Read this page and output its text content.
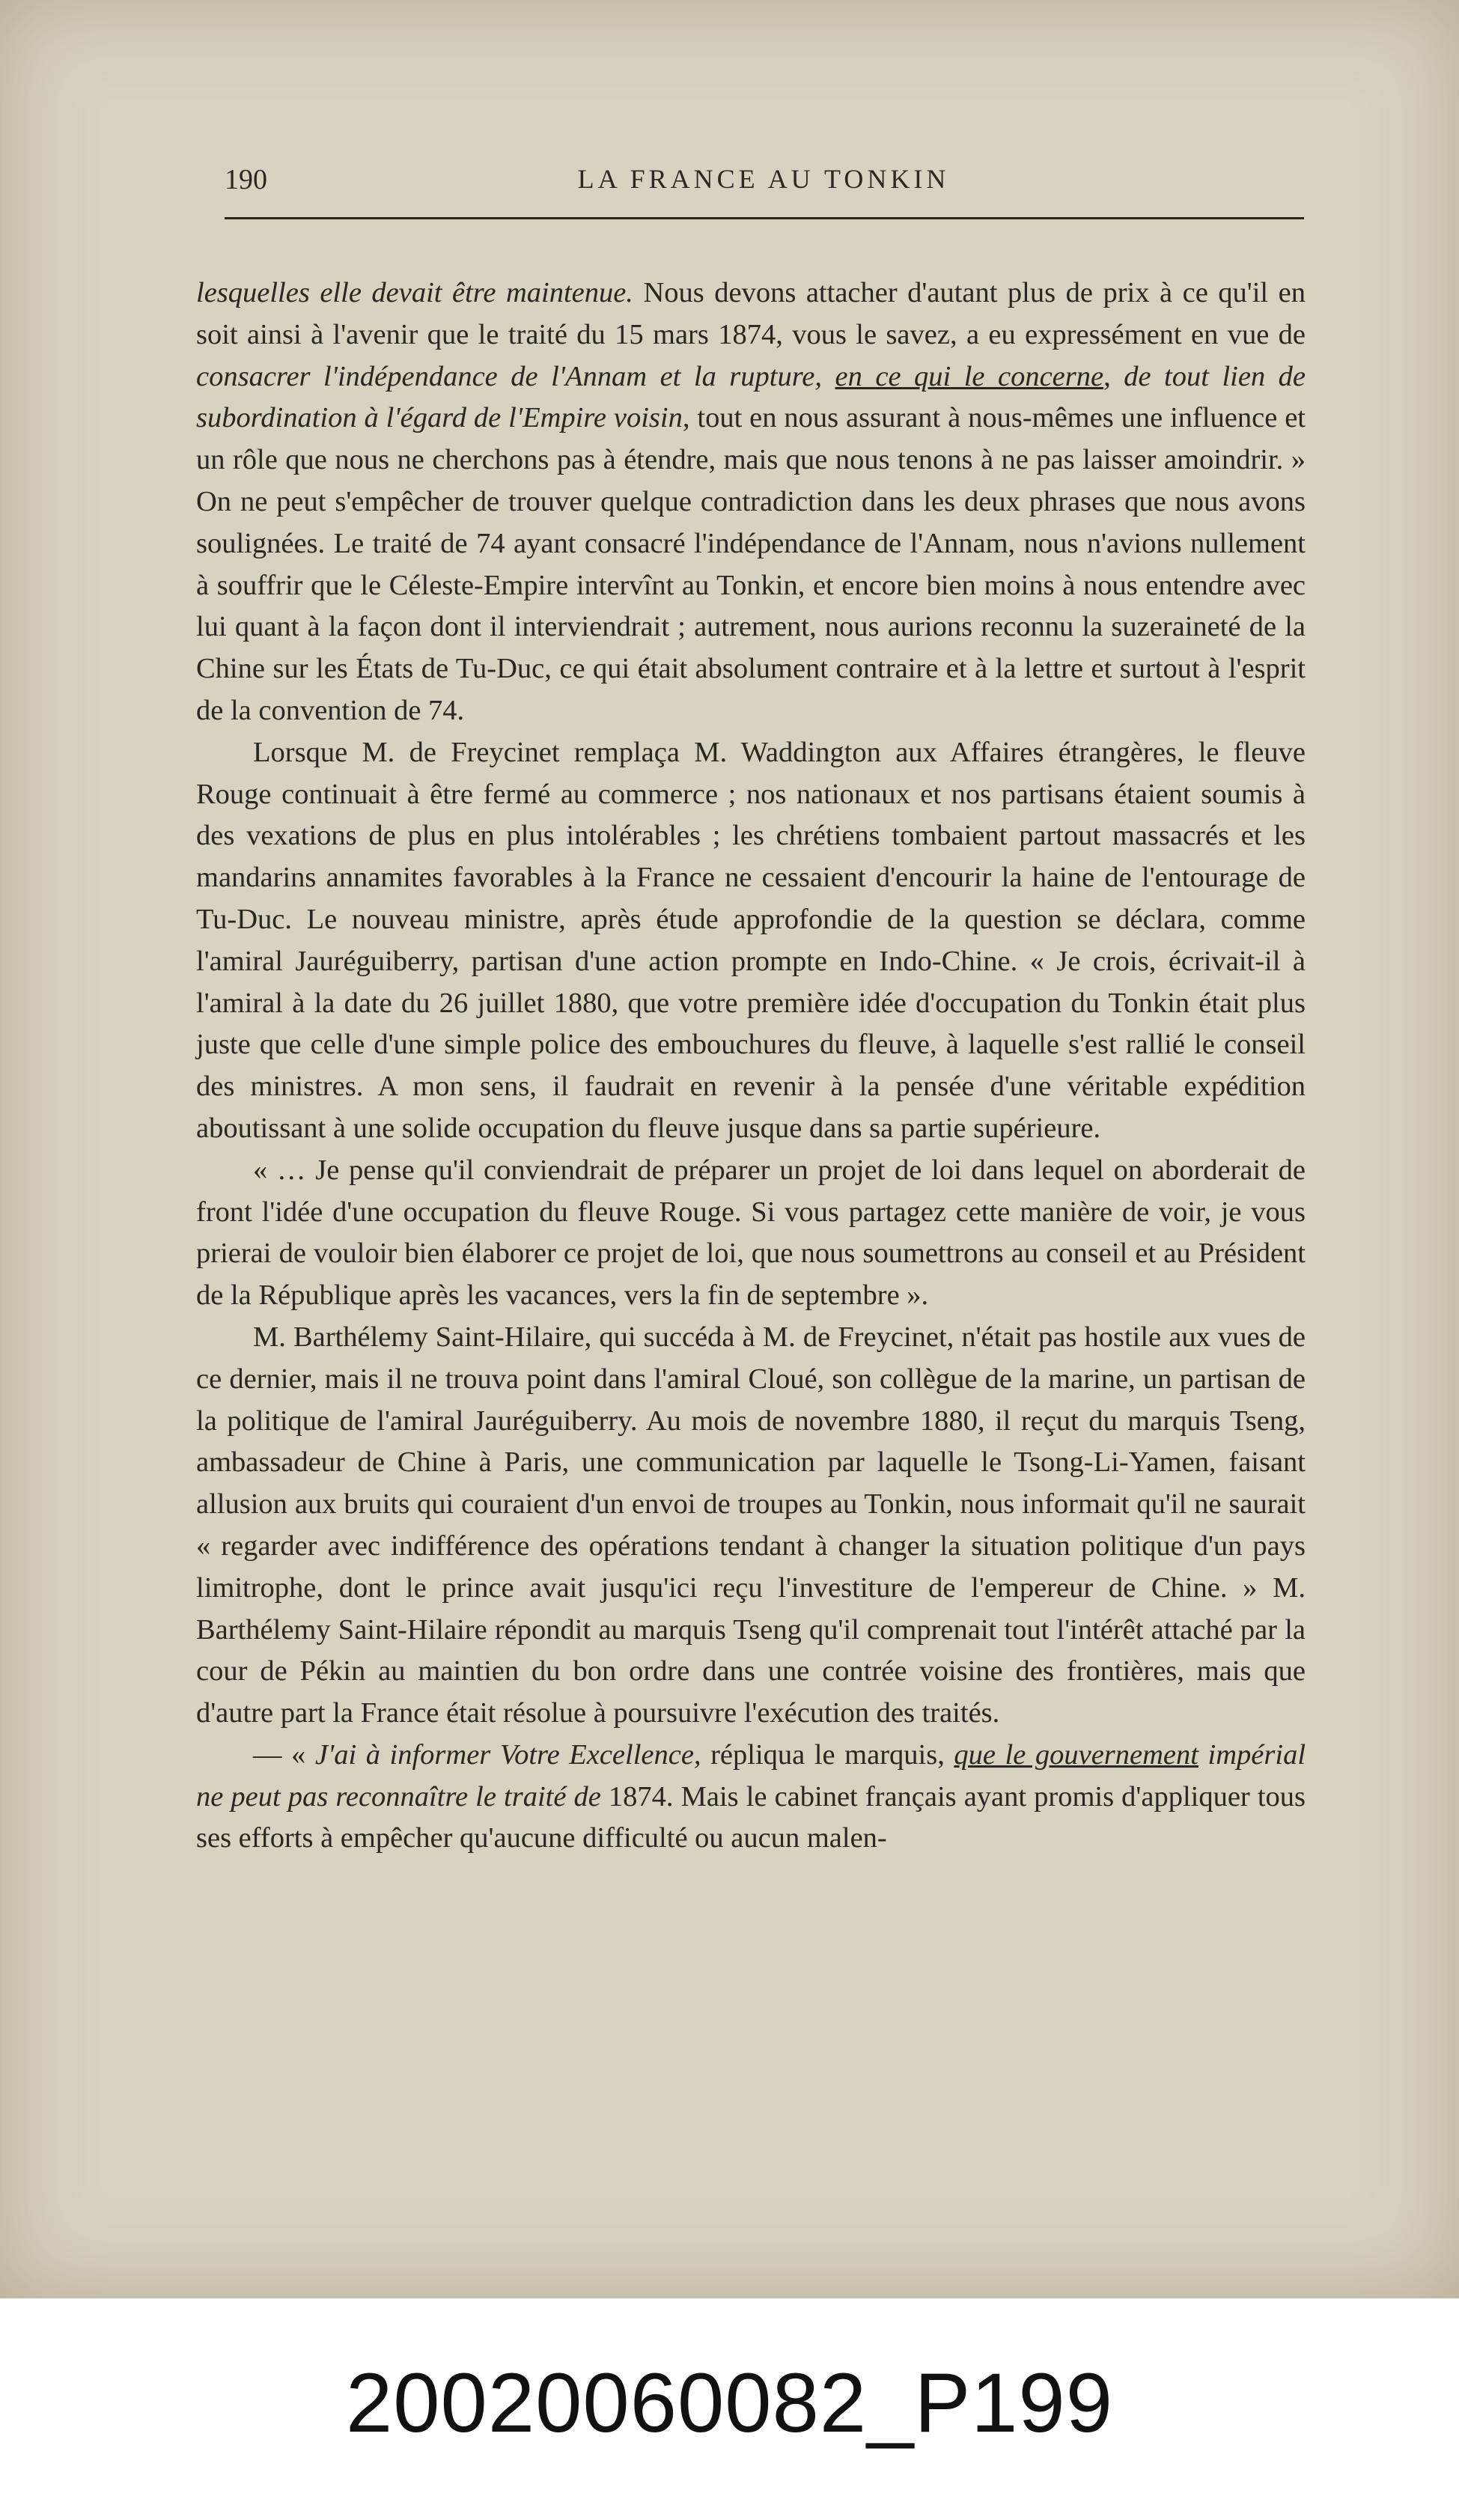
190	LA FRANCE AU TONKIN

lesquelles elle devait être maintenue. Nous devons attacher d'autant plus de prix à ce qu'il en soit ainsi à l'avenir que le traité du 15 mars 1874, vous le savez, a eu expressément en vue de consacrer l'indépendance de l'Annam et la rupture, en ce qui le concerne, de tout lien de subordination à l'égard de l'Empire voisin, tout en nous assurant à nous-mêmes une influence et un rôle que nous ne cherchons pas à étendre, mais que nous tenons à ne pas laisser amoindrir. » On ne peut s'empêcher de trouver quelque contradiction dans les deux phrases que nous avons soulignées. Le traité de 74 ayant consacré l'indépendance de l'Annam, nous n'avions nullement à souffrir que le Céleste-Empire intervînt au Tonkin, et encore bien moins à nous entendre avec lui quant à la façon dont il interviendrait ; autrement, nous aurions reconnu la suzeraineté de la Chine sur les États de Tu-Duc, ce qui était absolument contraire et à la lettre et surtout à l'esprit de la convention de 74.

Lorsque M. de Freycinet remplaça M. Waddington aux Affaires étrangères, le fleuve Rouge continuait à être fermé au commerce ; nos nationaux et nos partisans étaient soumis à des vexations de plus en plus intolérables ; les chrétiens tombaient partout massacrés et les mandarins annamites favorables à la France ne cessaient d'encourir la haine de l'entourage de Tu-Duc. Le nouveau ministre, après étude approfondie de la question se déclara, comme l'amiral Jauréguiberry, partisan d'une action prompte en Indo-Chine. « Je crois, écrivait-il à l'amiral à la date du 26 juillet 1880, que votre première idée d'occupation du Tonkin était plus juste que celle d'une simple police des embouchures du fleuve, à laquelle s'est rallié le conseil des ministres. A mon sens, il faudrait en revenir à la pensée d'une véritable expédition aboutissant à une solide occupation du fleuve jusque dans sa partie supérieure.

« … Je pense qu'il conviendrait de préparer un projet de loi dans lequel on aborderait de front l'idée d'une occupation du fleuve Rouge. Si vous partagez cette manière de voir, je vous prierai de vouloir bien élaborer ce projet de loi, que nous soumettrons au conseil et au Président de la République après les vacances, vers la fin de septembre ».

M. Barthélemy Saint-Hilaire, qui succéda à M. de Freycinet, n'était pas hostile aux vues de ce dernier, mais il ne trouva point dans l'amiral Cloué, son collègue de la marine, un partisan de la politique de l'amiral Jauréguiberry. Au mois de novembre 1880, il reçut du marquis Tseng, ambassadeur de Chine à Paris, une communication par laquelle le Tsong-Li-Yamen, faisant allusion aux bruits qui couraient d'un envoi de troupes au Tonkin, nous informait qu'il ne saurait « regarder avec indifférence des opérations tendant à changer la situation politique d'un pays limitrophe, dont le prince avait jusqu'ici reçu l'investiture de l'empereur de Chine. » M. Barthélemy Saint-Hilaire répondit au marquis Tseng qu'il comprenait tout l'intérêt attaché par la cour de Pékin au maintien du bon ordre dans une contrée voisine des frontières, mais que d'autre part la France était résolue à poursuivre l'exécution des traités.

— « J'ai à informer Votre Excellence, répliqua le marquis, que le gouvernement impérial ne peut pas reconnaître le traité de 1874. Mais le cabinet français ayant promis d'appliquer tous ses efforts à empêcher qu'aucune difficulté ou aucun malen-

20020060082_P199
